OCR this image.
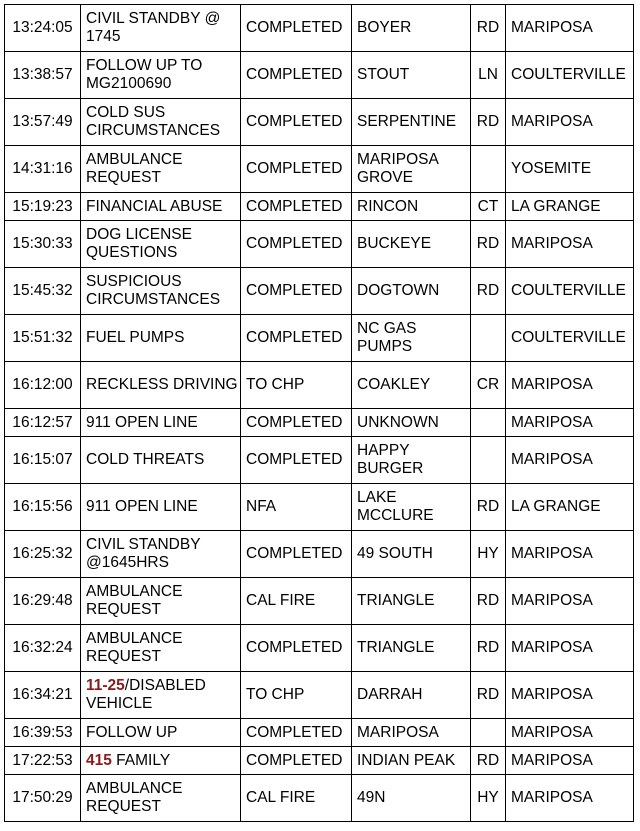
13:24:05	CIVIL STANDBY @ 1745	COMPLETED	BOYER	RD	MARIPOSA
13:38:57	FOLLOW UP TO MG2100690	COMPLETED	STOUT	LN	COULTERVILLE
13:57:49	COLD SUS CIRCUMSTANCES	COMPLETED	SERPENTINE	RD	MARIPOSA
14:31:16	AMBULANCE REQUEST	COMPLETED	MARIPOSA GROVE		YOSEMITE
15:19:23	FINANCIAL ABUSE	COMPLETED	RINCON	CT	LA GRANGE
15:30:33	DOG LICENSE QUESTIONS	COMPLETED	BUCKEYE	RD	MARIPOSA
15:45:32	SUSPICIOUS CIRCUMSTANCES	COMPLETED	DOGTOWN	RD	COULTERVILLE
15:51:32	FUEL PUMPS	COMPLETED	NC GAS PUMPS		COULTERVILLE
16:12:00	RECKLESS DRIVING	TO CHP	COAKLEY	CR	MARIPOSA
16:12:57	911 OPEN LINE	COMPLETED	UNKNOWN		MARIPOSA
16:15:07	COLD THREATS	COMPLETED	HAPPY BURGER		MARIPOSA
16:15:56	911 OPEN LINE	NFA	LAKE MCCLURE	RD	LA GRANGE
16:25:32	CIVIL STANDBY @1645HRS	COMPLETED	49 SOUTH	HY	MARIPOSA
16:29:48	AMBULANCE REQUEST	CAL FIRE	TRIANGLE	RD	MARIPOSA
16:32:24	AMBULANCE REQUEST	COMPLETED	TRIANGLE	RD	MARIPOSA
16:34:21	11-25/DISABLED VEHICLE	TO CHP	DARRAH	RD	MARIPOSA
16:39:53	FOLLOW UP	COMPLETED	MARIPOSA		MARIPOSA
17:22:53	415 FAMILY	COMPLETED	INDIAN PEAK	RD	MARIPOSA
17:50:29	AMBULANCE REQUEST	CAL FIRE	49N	HY	MARIPOSA
